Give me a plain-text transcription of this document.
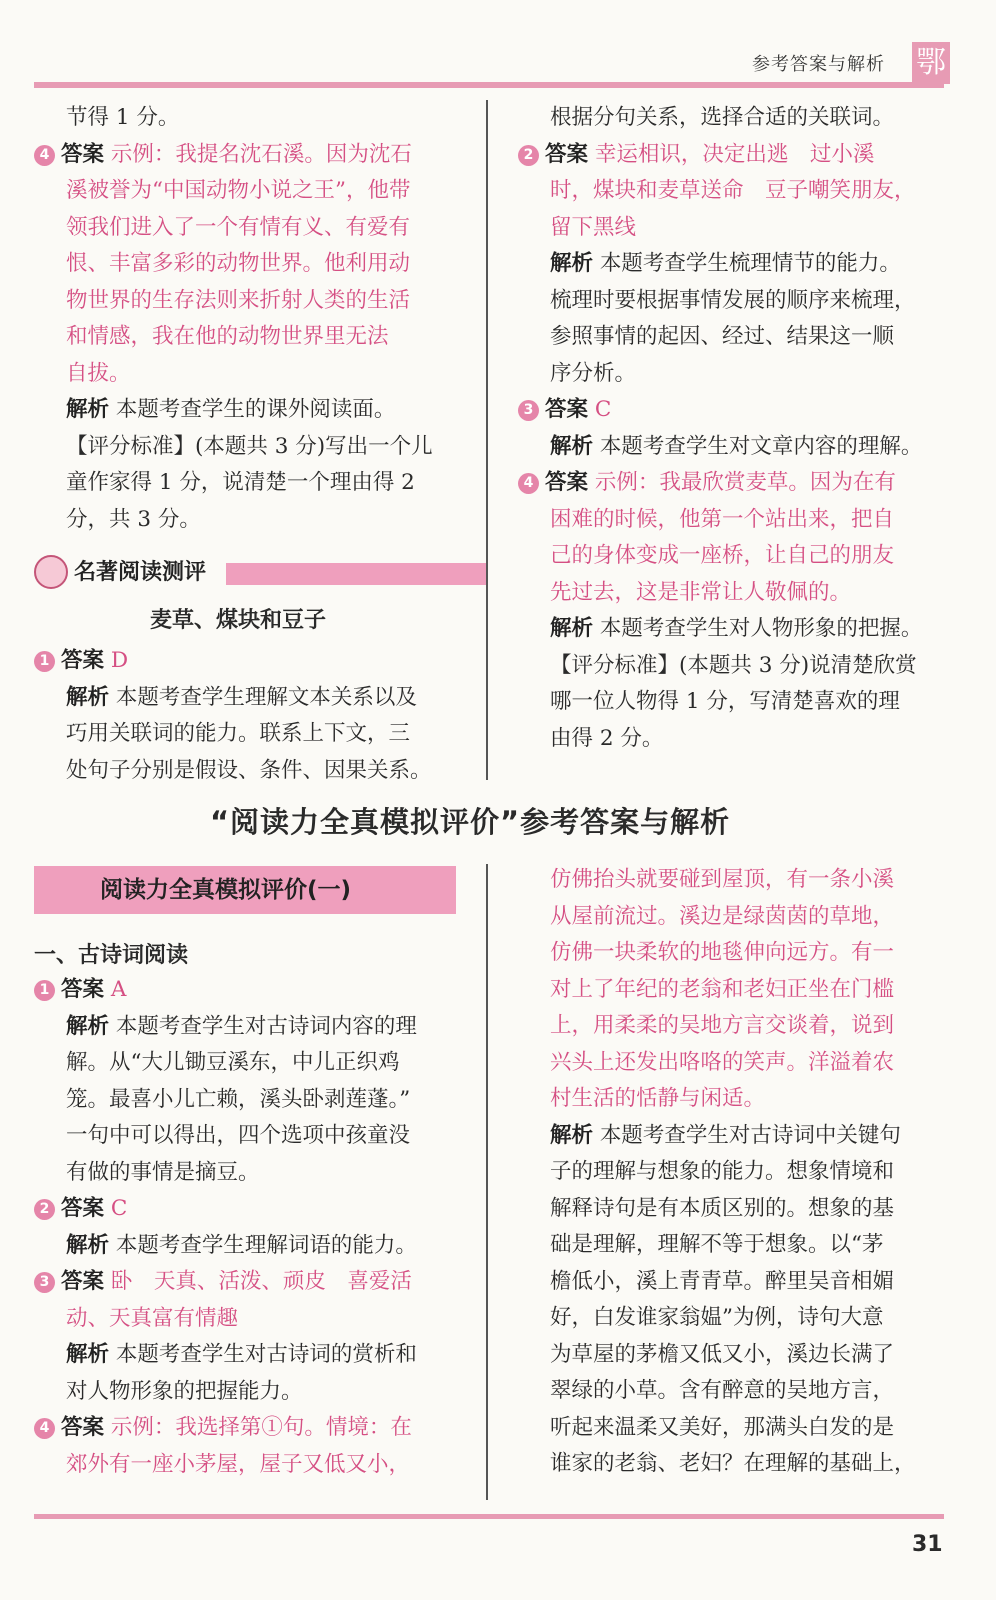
参考答案与解析 鄂

节得 1 分。

4 答案 示例：我提名沈石溪。因为沈石

溪被誉为“中国动物小说之王”，他带

领我们进入了一个有情有义、有爱有

恨、丰富多彩的动物世界。他利用动

物世界的生存法则来折射人类的生活

和情感，我在他的动物世界里无法

自拔。

解析 本题考查学生的课外阅读面。

【评分标准】(本题共 3 分)写出一个儿

童作家得 1 分，说清楚一个理由得 2

分，共 3 分。

名著阅读测评
麦草、煤块和豆子

1 答案 D

解析 本题考查学生理解文本关系以及

巧用关联词的能力。联系上下文，三

处句子分别是假设、条件、因果关系。

根据分句关系，选择合适的关联词。

2 答案 幸运相识，决定出逃　过小溪

时，煤块和麦草送命　豆子嘲笑朋友，

留下黑线

解析 本题考查学生梳理情节的能力。

梳理时要根据事情发展的顺序来梳理，

参照事情的起因、经过、结果这一顺

序分析。

3 答案 C

解析 本题考查学生对文章内容的理解。

4 答案 示例：我最欣赏麦草。因为在有

困难的时候，他第一个站出来，把自

己的身体变成一座桥，让自己的朋友

先过去，这是非常让人敬佩的。

解析 本题考查学生对人物形象的把握。

【评分标准】(本题共 3 分)说清楚欣赏

哪一位人物得 1 分，写清楚喜欢的理

由得 2 分。

“阅读力全真模拟评价”参考答案与解析
阅读力全真模拟评价(一)
一、古诗词阅读

1 答案 A

解析 本题考查学生对古诗词内容的理

解。从“大儿锄豆溪东，中儿正织鸡

笼。最喜小儿亡赖，溪头卧剥莲蓬。”

一句中可以得出，四个选项中孩童没

有做的事情是摘豆。

2 答案 C

解析 本题考查学生理解词语的能力。

3 答案 卧　天真、活泼、顽皮　喜爱活

动、天真富有情趣

解析 本题考查学生对古诗词的赏析和

对人物形象的把握能力。

4 答案 示例：我选择第①句。情境：在

郊外有一座小茅屋，屋子又低又小，

仿佛抬头就要碰到屋顶，有一条小溪

从屋前流过。溪边是绿茵茵的草地，

仿佛一块柔软的地毯伸向远方。有一

对上了年纪的老翁和老妇正坐在门槛

上，用柔柔的吴地方言交谈着，说到

兴头上还发出咯咯的笑声。洋溢着农

村生活的恬静与闲适。

解析 本题考查学生对古诗词中关键句

子的理解与想象的能力。想象情境和

解释诗句是有本质区别的。想象的基

础是理解，理解不等于想象。以“茅

檐低小，溪上青青草。醉里吴音相媚

好，白发谁家翁媪”为例，诗句大意

为草屋的茅檐又低又小，溪边长满了

翠绿的小草。含有醉意的吴地方言，

听起来温柔又美好，那满头白发的是

谁家的老翁、老妇？在理解的基础上，

31
